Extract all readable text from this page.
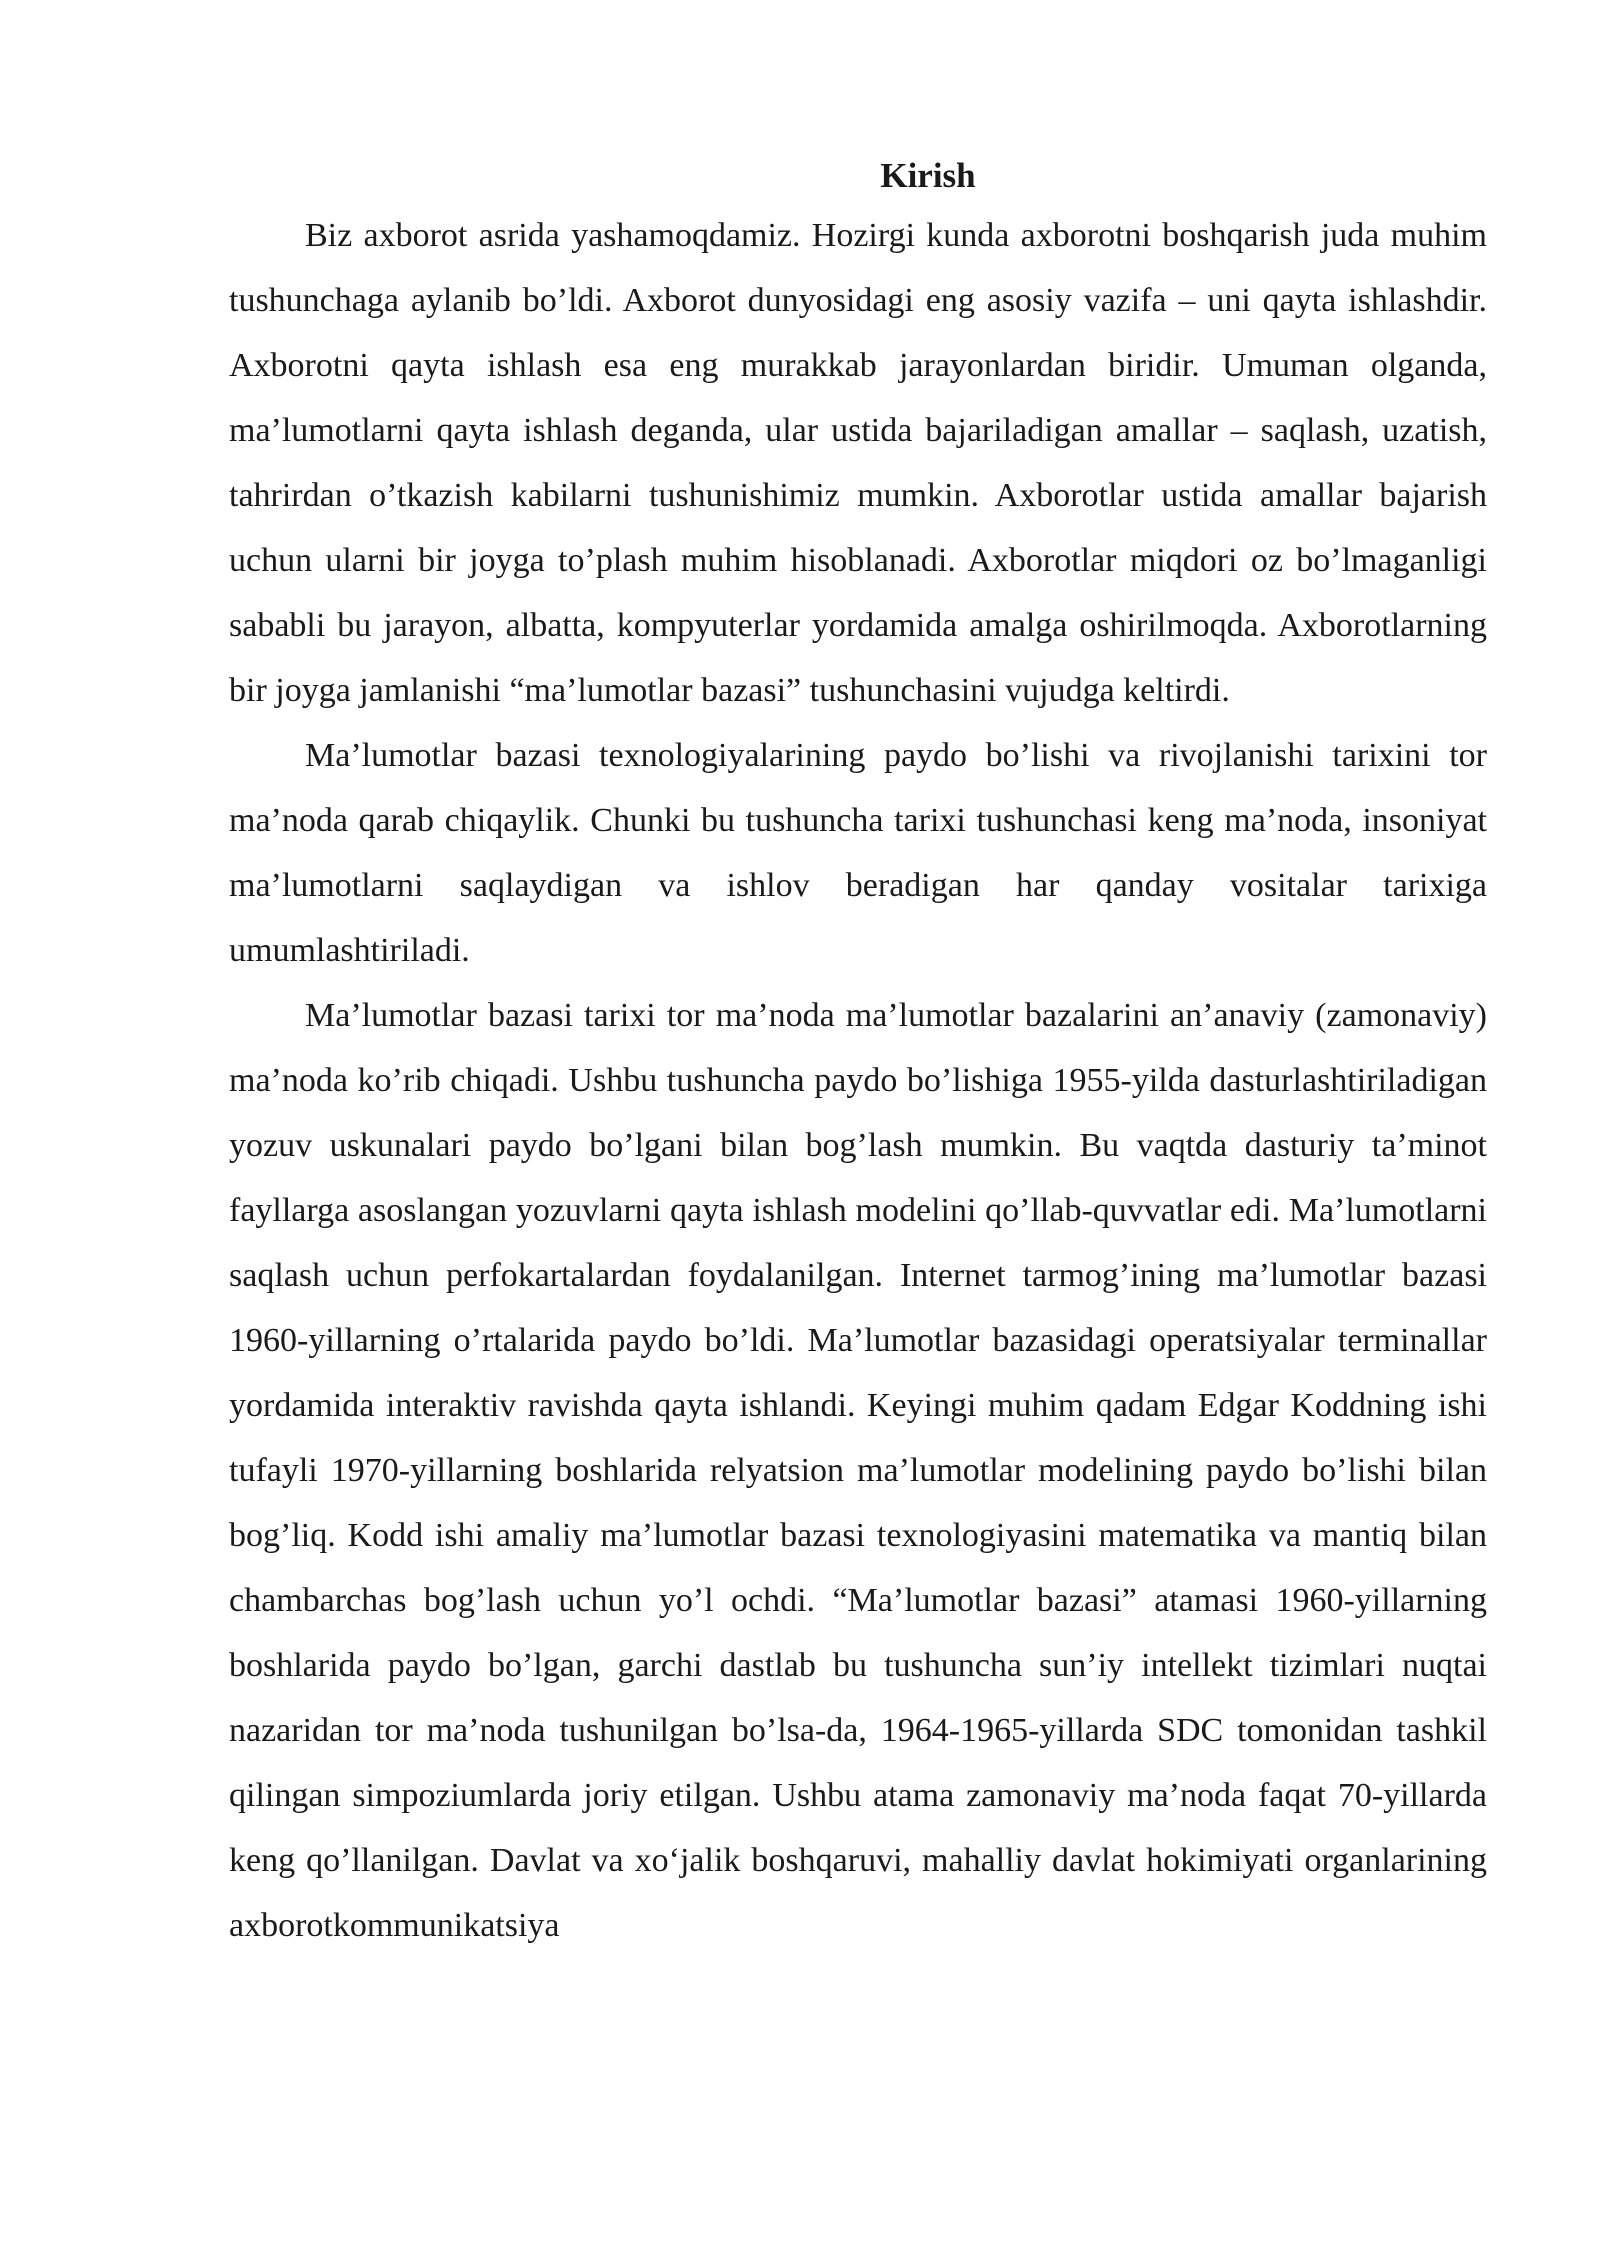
Kirish

Biz axborot asrida yashamoqdamiz. Hozirgi kunda axborotni boshqarish juda muhim tushunchaga aylanib bo’ldi. Axborot dunyosidagi eng asosiy vazifa – uni qayta ishlashdir. Axborotni qayta ishlash esa eng murakkab jarayonlardan biridir. Umuman olganda, ma’lumotlarni qayta ishlash deganda, ular ustida bajariladigan amallar – saqlash, uzatish, tahrirdan o’tkazish kabilarni tushunishimiz mumkin. Axborotlar ustida amallar bajarish uchun ularni bir joyga to’plash muhim hisoblanadi. Axborotlar miqdori oz bo’lmaganligi sababli bu jarayon, albatta, kompyuterlar yordamida amalga oshirilmoqda. Axborotlarning bir joyga jamlanishi “ma’lumotlar bazasi” tushunchasini vujudga keltirdi.

Ma’lumotlar bazasi texnologiyalarining paydo bo’lishi va rivojlanishi tarixini tor ma’noda qarab chiqaylik. Chunki bu tushuncha tarixi tushunchasi keng ma’noda, insoniyat ma’lumotlarni saqlaydigan va ishlov beradigan har qanday vositalar tarixiga umumlashtiriladi.

Ma’lumotlar bazasi tarixi tor ma’noda ma’lumotlar bazalarini an’anaviy (zamonaviy) ma’noda ko’rib chiqadi. Ushbu tushuncha paydo bo’lishiga 1955-yilda dasturlashtiriladigan yozuv uskunalari paydo bo’lgani bilan bog’lash mumkin. Bu vaqtda dasturiy ta’minot fayllarga asoslangan yozuvlarni qayta ishlash modelini qo’llab-quvvatlar edi. Ma’lumotlarni saqlash uchun perfokartalardan foydalanilgan. Internet tarmog’ining ma’lumotlar bazasi 1960-yillarning o’rtalarida paydo bo’ldi. Ma’lumotlar bazasidagi operatsiyalar terminallar yordamida interaktiv ravishda qayta ishlandi. Keyingi muhim qadam Edgar Koddning ishi tufayli 1970-yillarning boshlarida relyatsion ma’lumotlar modelining paydo bo’lishi bilan bog’liq. Kodd ishi amaliy ma’lumotlar bazasi texnologiyasini matematika va mantiq bilan chambarchas bog’lash uchun yo’l ochdi. “Ma’lumotlar bazasi” atamasi 1960-yillarning boshlarida paydo bo’lgan, garchi dastlab bu tushuncha sun’iy intellekt tizimlari nuqtai nazaridan tor ma’noda tushunilgan bo’lsa-da, 1964-1965-yillarda SDC tomonidan tashkil qilingan simpoziumlarda joriy etilgan. Ushbu atama zamonaviy ma’noda faqat 70-yillarda keng qo’llanilgan. Davlat va xo‘jalik boshqaruvi, mahalliy davlat hokimiyati organlarining axborotkommunikatsiya
